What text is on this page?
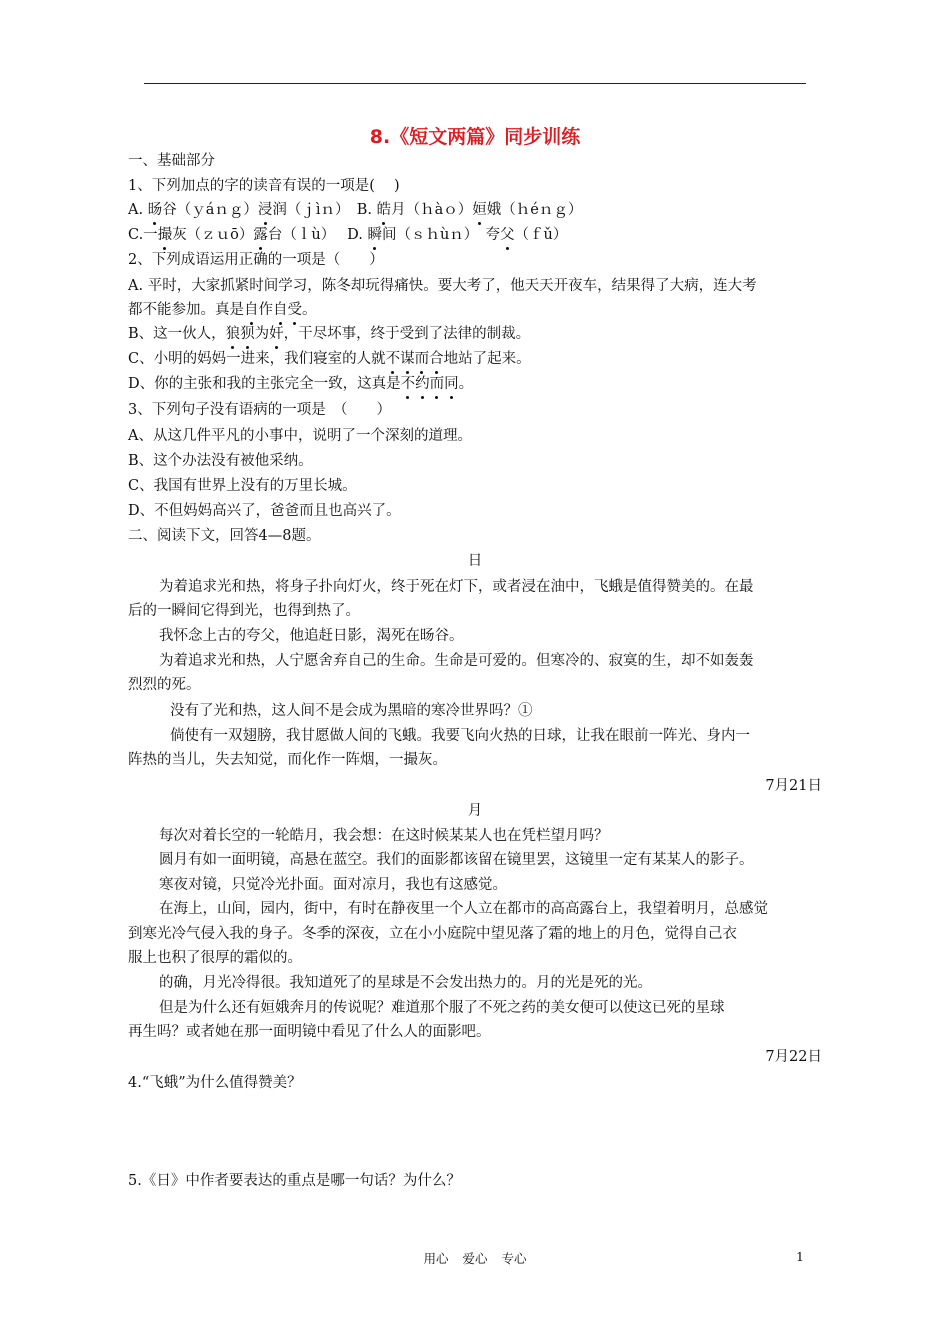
8.《短文两篇》同步训练
一、基础部分
1、下列加点的字的读音有误的一项是(　 )
A. 旸谷（ｙáｎｇ）浸润（ｊìｎ）　B. 皓月（ｈàｏ）姮娥（ｈéｎｇ）
C.一撮灰（ｚｕō）露台（ｌù）　 D. 瞬间（ｓｈùｎ）　夸父（ｆǔ）
2、下列成语运用正确的一项是（　　）
A. 平时，大家抓紧时间学习，陈冬却玩得痛快。要大考了，他天天开夜车，结果得了大病，连大考
都不能参加。真是自作自受。
B、这一伙人，狼狈为奸，干尽坏事，终于受到了法律的制裁。
C、小明的妈妈一进来，我们寝室的人就不谋而合地站了起来。
D、你的主张和我的主张完全一致，这真是不约而同。
3、下列句子没有语病的一项是　（　　）
A、从这几件平凡的小事中，说明了一个深刻的道理。
B、这个办法没有被他采纳。
C、我国有世界上没有的万里长城。
D、不但妈妈高兴了，爸爸而且也高兴了。
二、阅读下文，回答4—8题。
日
为着追求光和热，将身子扑向灯火，终于死在灯下，或者浸在油中，飞蛾是值得赞美的。在最
后的一瞬间它得到光，也得到热了。
我怀念上古的夸父，他追赶日影，渴死在旸谷。
为着追求光和热，人宁愿舍弃自己的生命。生命是可爱的。但寒冷的、寂寞的生，却不如轰轰
烈烈的死。
没有了光和热，这人间不是会成为黑暗的寒冷世界吗？①
倘使有一双翅膀，我甘愿做人间的飞蛾。我要飞向火热的日球，让我在眼前一阵光、身内一
阵热的当儿，失去知觉，而化作一阵烟，一撮灰。
7月21日
月
每次对着长空的一轮皓月，我会想：在这时候某某人也在凭栏望月吗？
圆月有如一面明镜，高悬在蓝空。我们的面影都该留在镜里罢，这镜里一定有某某人的影子。
寒夜对镜，只觉冷光扑面。面对凉月，我也有这感觉。
在海上，山间，园内，街中，有时在静夜里一个人立在都市的高高露台上，我望着明月，总感觉
到寒光冷气侵入我的身子。冬季的深夜，立在小小庭院中望见落了霜的地上的月色，觉得自己衣
服上也积了很厚的霜似的。
的确，月光冷得很。我知道死了的星球是不会发出热力的。月的光是死的光。
但是为什么还有姮娥奔月的传说呢？难道那个服了不死之药的美女便可以使这已死的星球
再生吗？或者她在那一面明镜中看见了什么人的面影吧。
7月22日
4.“飞蛾”为什么值得赞美？
5.《日》中作者要表达的重点是哪一句话？为什么？
用心 爱心 专心	1
